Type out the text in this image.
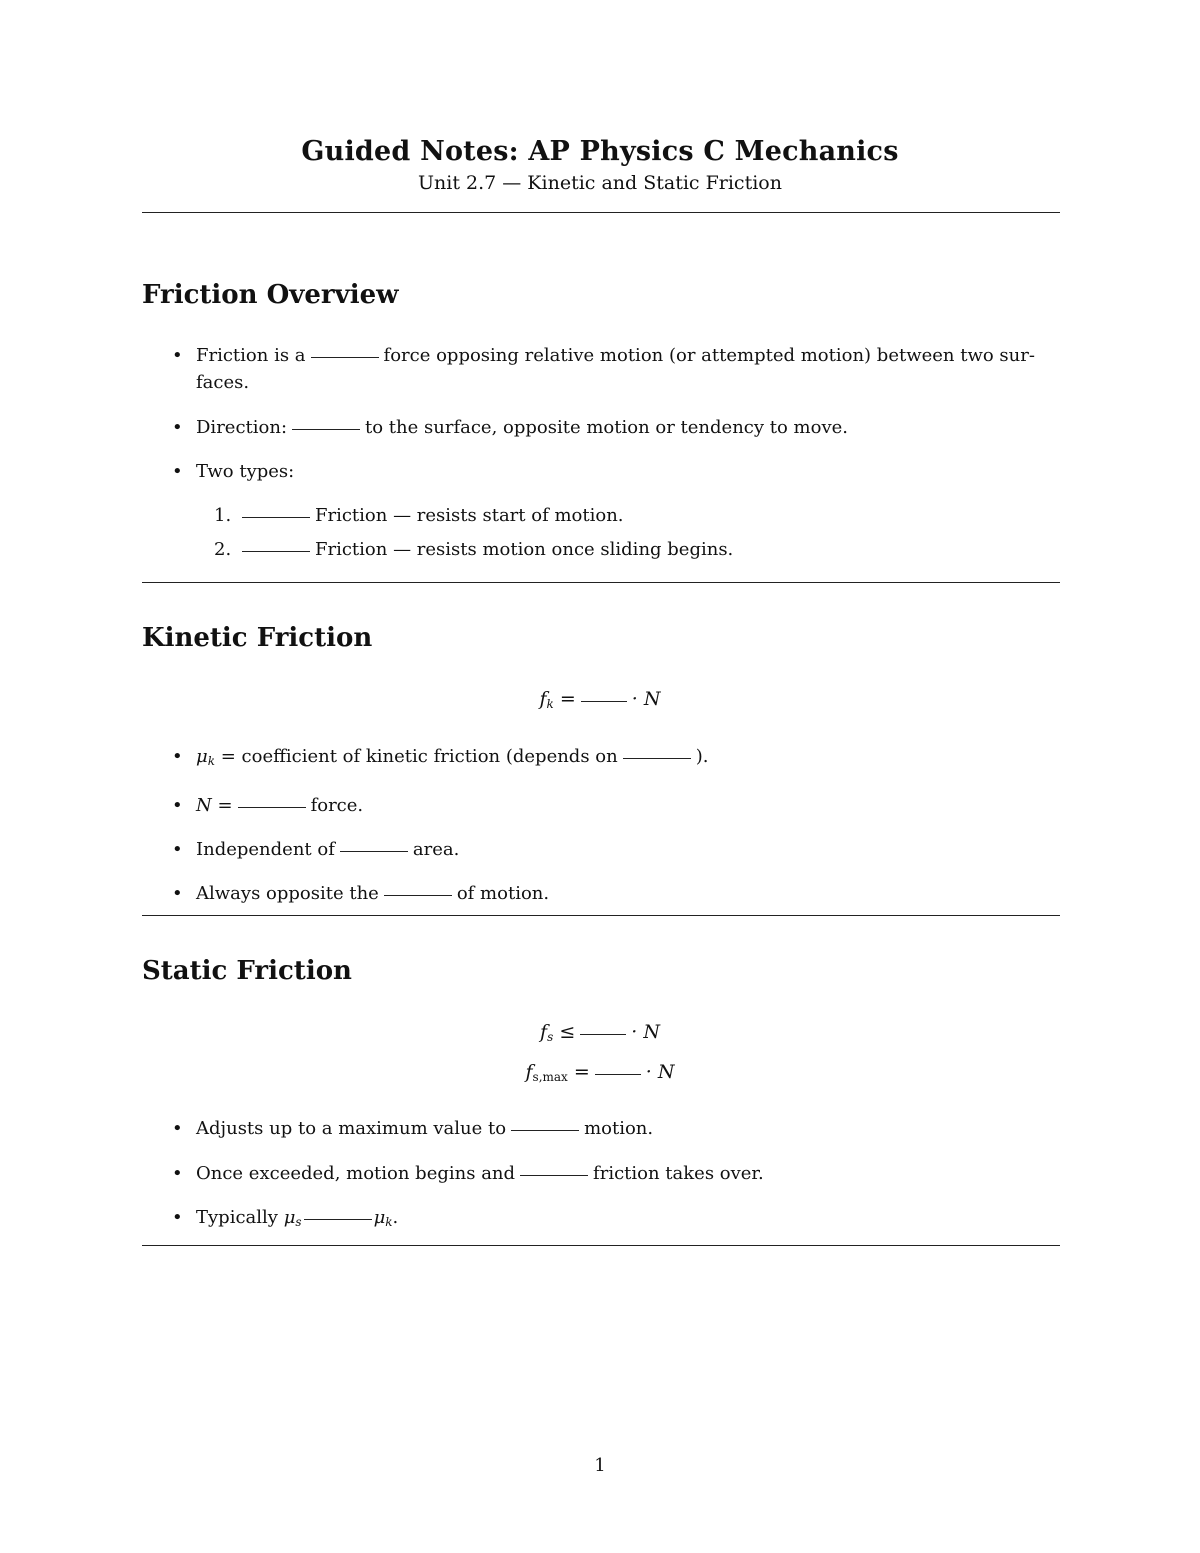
Guided Notes: AP Physics C Mechanics
Unit 2.7 — Kinetic and Static Friction
Friction Overview
• Friction is a	force opposing relative motion (or attempted motion) between two sur-
faces.
• Direction:	to the surface, opposite motion or tendency to move.
• Two types:
1.	Friction — resists start of motion.
2.	Friction — resists motion once sliding begins.
Kinetic Friction
$f_k$ =	· N
• $\mu_k$ = coefficient of kinetic friction (depends on	).
• N =	force.
• Independent of	area.
• Always opposite the	of motion.
Static Friction
$f_s$ ≤	· N
$f_{s,max}$ =	· N
• Adjusts up to a maximum value to	motion.
• Once exceeded, motion begins and	friction takes over.
• Typically $\mu_s$	$\mu_k$.
1
